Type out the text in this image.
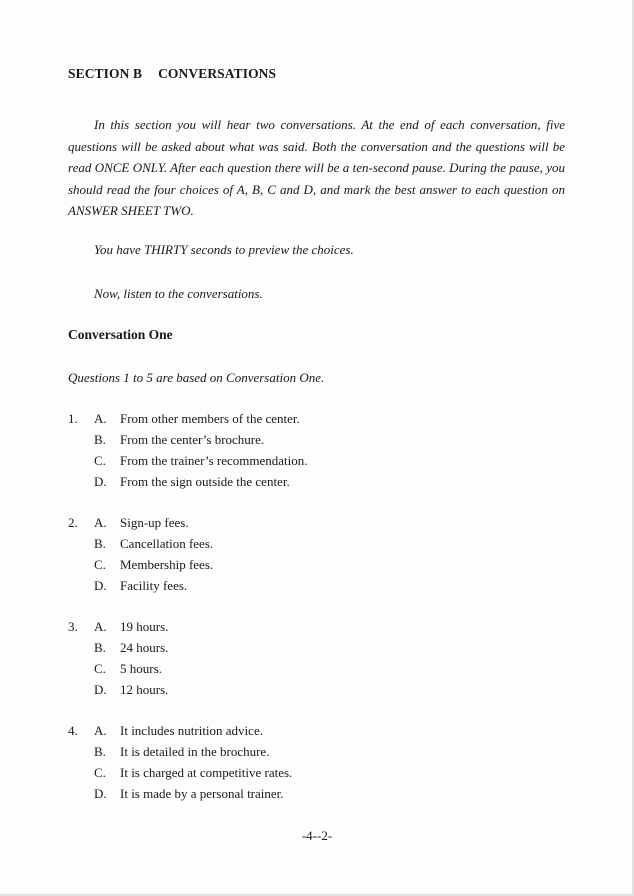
SECTION B CONVERSATIONS

In this section you will hear two conversations. At the end of each conversation, five questions will be asked about what was said. Both the conversation and the questions will be read ONCE ONLY. After each question there will be a ten-second pause. During the pause, you should read the four choices of A, B, C and D, and mark the best answer to each question on ANSWER SHEET TWO.

You have THIRTY seconds to preview the choices.
Now, listen to the conversations.
Conversation One
Questions 1 to 5 are based on Conversation One.
1. A. From other members of the center.
B. From the center’s brochure.
C. From the trainer’s recommendation.
D. From the sign outside the center.
2. A. Sign-up fees.
B. Cancellation fees.
C. Membership fees.
D. Facility fees.
3. A. 19 hours.
B. 24 hours.
C. 5 hours.
D. 12 hours.
4. A. It includes nutrition advice.
B. It is detailed in the brochure.
C. It is charged at competitive rates.
D. It is made by a personal trainer.
-4--2-
